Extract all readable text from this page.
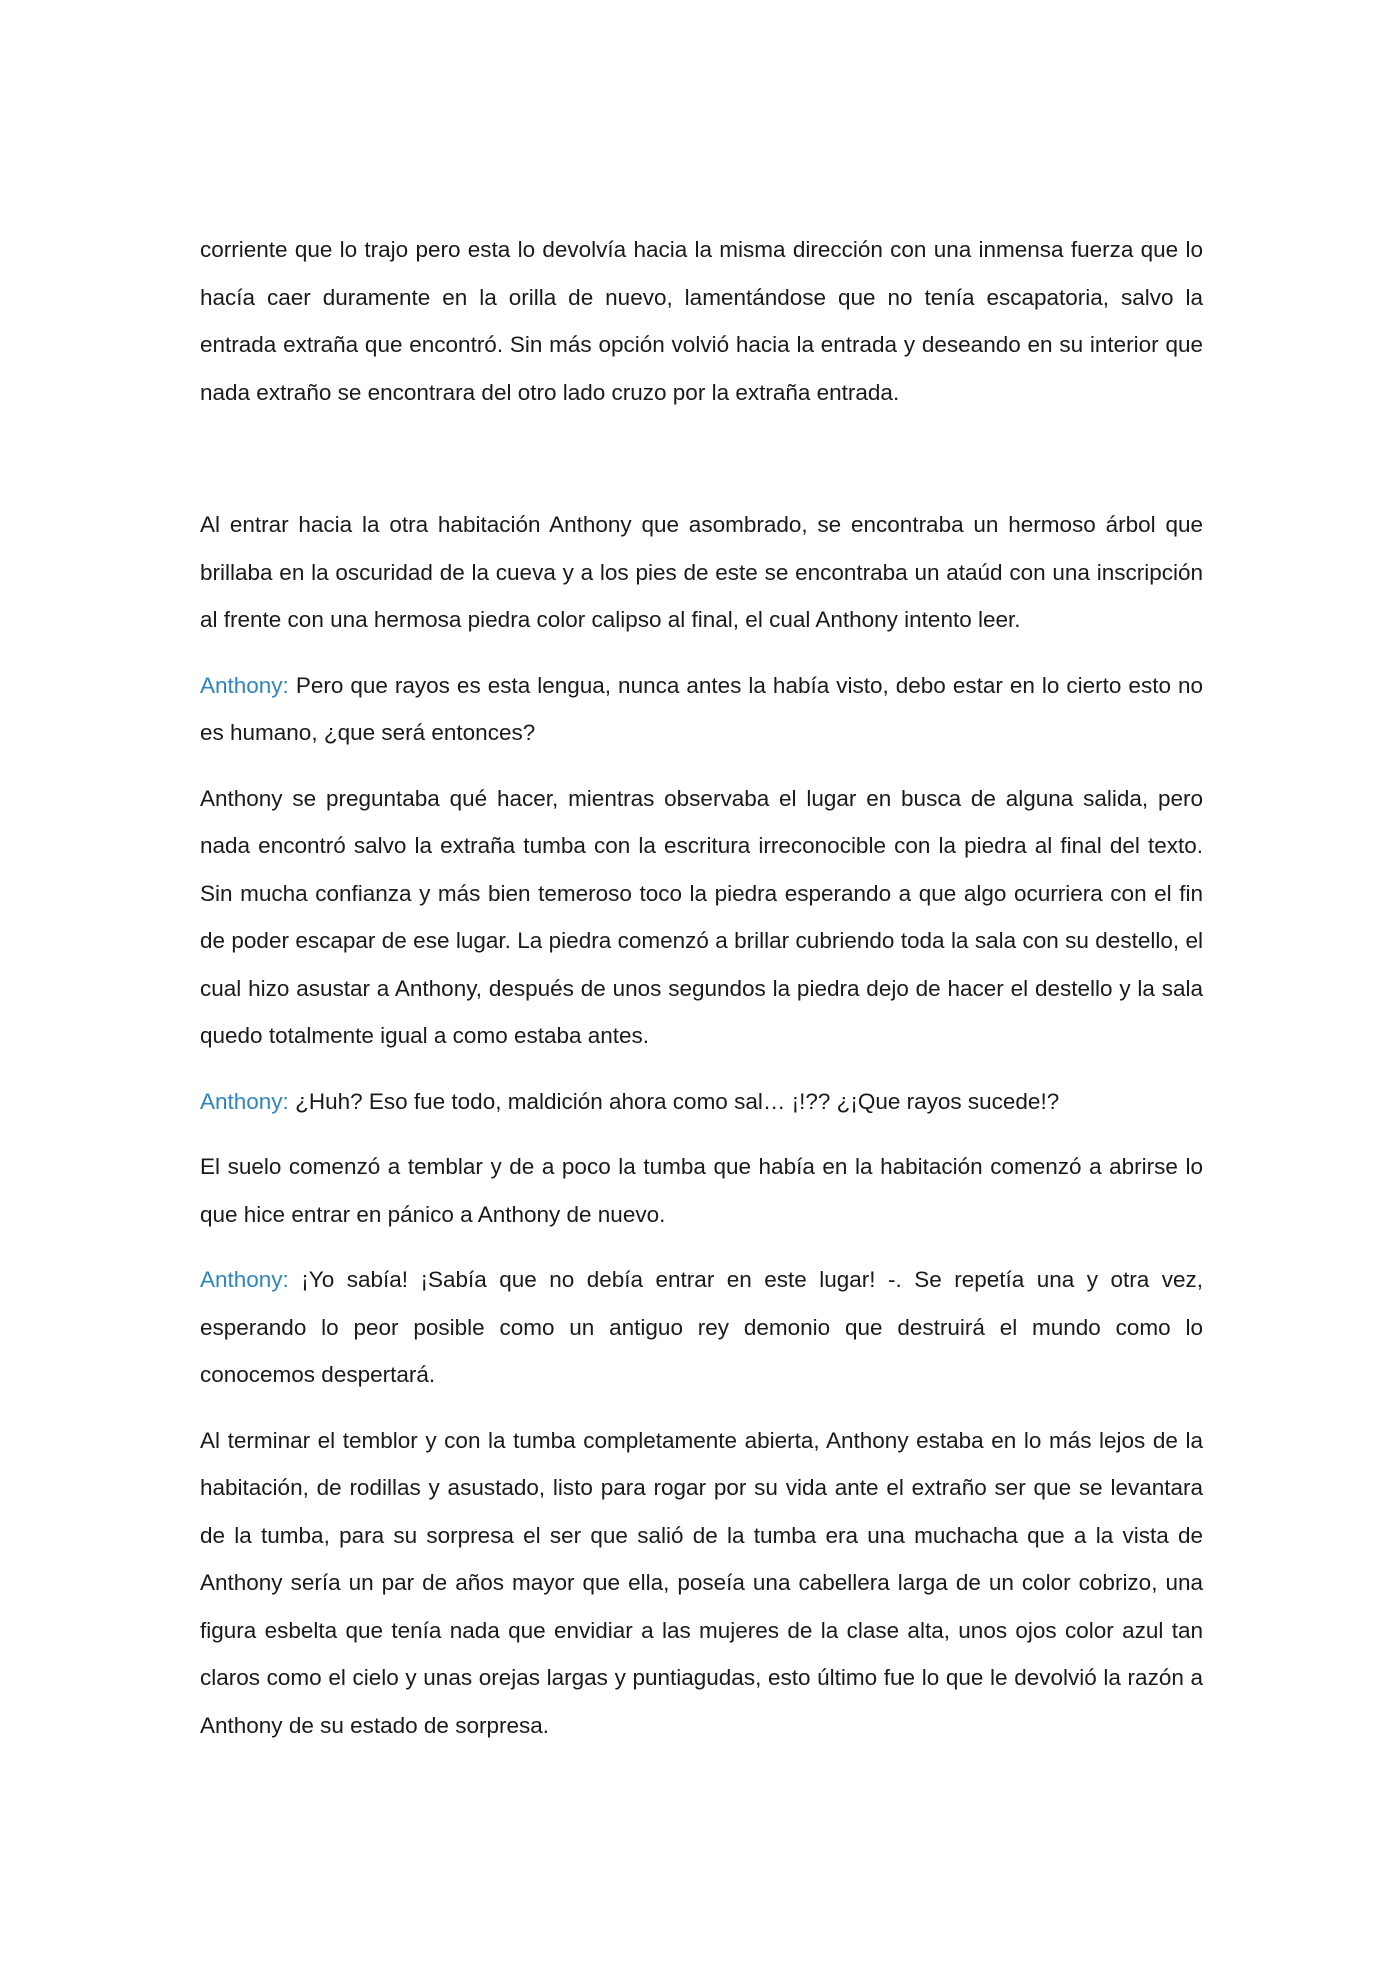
corriente que lo trajo pero esta lo devolvía hacia la misma dirección con una inmensa fuerza que lo hacía caer duramente en la orilla de nuevo, lamentándose que no tenía escapatoria, salvo la entrada extraña que encontró. Sin más opción volvió hacia la entrada y deseando en su interior que nada extraño se encontrara del otro lado cruzo por la extraña entrada.

Al entrar hacia la otra habitación Anthony que asombrado, se encontraba un hermoso árbol que brillaba en la oscuridad de la cueva y a los pies de este se encontraba un ataúd con una inscripción al frente con una hermosa piedra color calipso al final, el cual Anthony intento leer.

Anthony: Pero que rayos es esta lengua, nunca antes la había visto, debo estar en lo cierto esto no es humano, ¿que será entonces?

Anthony se preguntaba qué hacer, mientras observaba el lugar en busca de alguna salida, pero nada encontró salvo la extraña tumba con la escritura irreconocible con la piedra al final del texto. Sin mucha confianza y más bien temeroso toco la piedra esperando a que algo ocurriera con el fin de poder escapar de ese lugar. La piedra comenzó a brillar cubriendo toda la sala con su destello, el cual hizo asustar a Anthony, después de unos segundos la piedra dejo de hacer el destello y la sala quedo totalmente igual a como estaba antes.

Anthony: ¿Huh? Eso fue todo, maldición ahora como sal… ¡!?? ¿¡Que rayos sucede!?

El suelo comenzó a temblar y de a poco la tumba que había en la habitación comenzó a abrirse lo que hice entrar en pánico a Anthony de nuevo.

Anthony: ¡Yo sabía! ¡Sabía que no debía entrar en este lugar! -. Se repetía una y otra vez, esperando lo peor posible como un antiguo rey demonio que destruirá el mundo como lo conocemos despertará.

Al terminar el temblor y con la tumba completamente abierta, Anthony estaba en lo más lejos de la habitación, de rodillas y asustado, listo para rogar por su vida ante el extraño ser que se levantara de la tumba, para su sorpresa el ser que salió de la tumba era una muchacha que a la vista de Anthony sería un par de años mayor que ella, poseía una cabellera larga de un color cobrizo, una figura esbelta que tenía nada que envidiar a las mujeres de la clase alta, unos ojos color azul tan claros como el cielo y unas orejas largas y puntiagudas, esto último fue lo que le devolvió la razón a Anthony de su estado de sorpresa.
